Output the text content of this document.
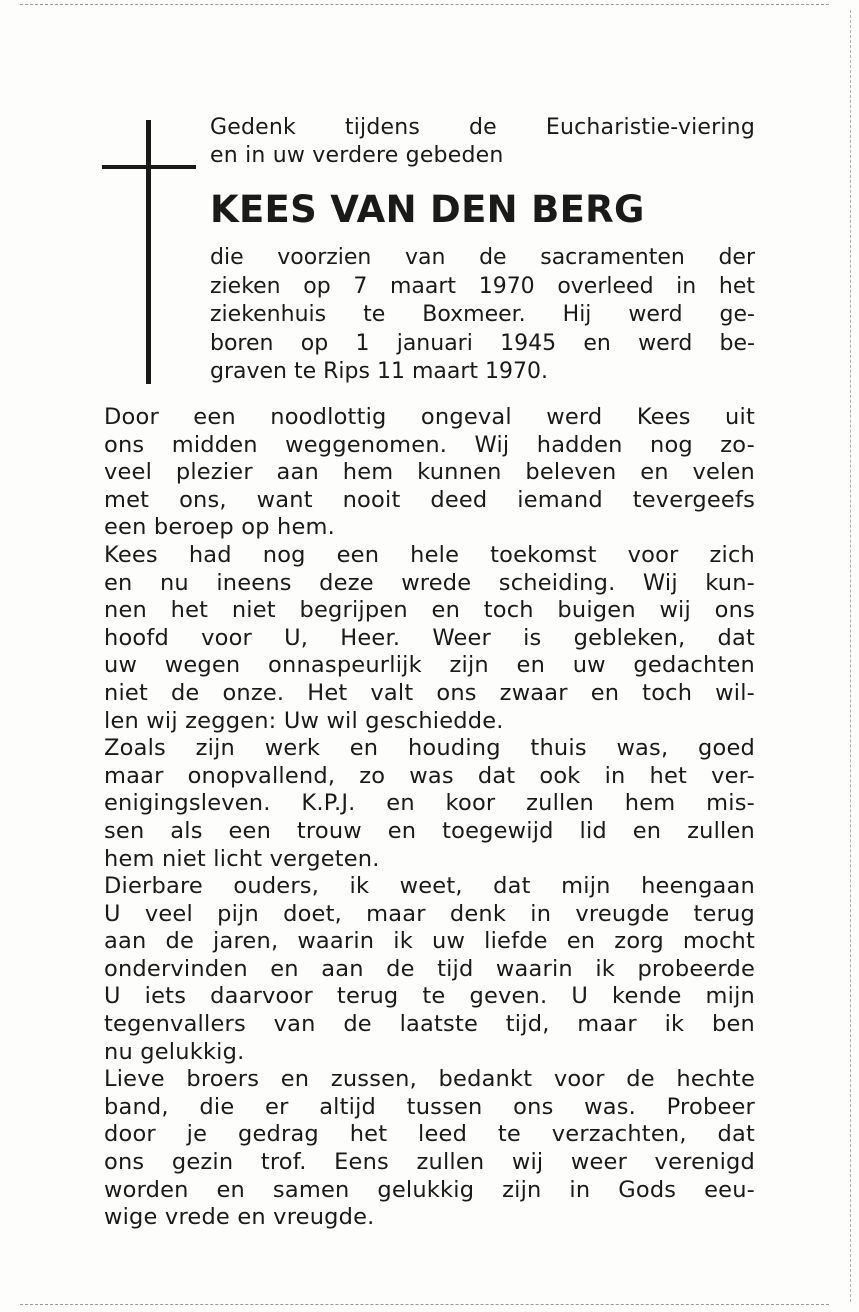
Gedenk tijdens de Eucharistie-viering

en in uw verdere gebeden

KEES VAN DEN BERG

die voorzien van de sacramenten der

zieken op 7 maart 1970 overleed in het

ziekenhuis te Boxmeer. Hij werd ge-

boren op 1 januari 1945 en werd be-

graven te Rips 11 maart 1970.

Door een noodlottig ongeval werd Kees uit

ons midden weggenomen. Wij hadden nog zo-

veel plezier aan hem kunnen beleven en velen

met ons, want nooit deed iemand tevergeefs

een beroep op hem.

Kees had nog een hele toekomst voor zich

en nu ineens deze wrede scheiding. Wij kun-

nen het niet begrijpen en toch buigen wij ons

hoofd voor U, Heer. Weer is gebleken, dat

uw wegen onnaspeurlijk zijn en uw gedachten

niet de onze. Het valt ons zwaar en toch wil-

len wij zeggen: Uw wil geschiedde.

Zoals zijn werk en houding thuis was, goed

maar onopvallend, zo was dat ook in het ver-

enigingsleven. K.P.J. en koor zullen hem mis-

sen als een trouw en toegewijd lid en zullen

hem niet licht vergeten.

Dierbare ouders, ik weet, dat mijn heengaan

U veel pijn doet, maar denk in vreugde terug

aan de jaren, waarin ik uw liefde en zorg mocht

ondervinden en aan de tijd waarin ik probeerde

U iets daarvoor terug te geven. U kende mijn

tegenvallers van de laatste tijd, maar ik ben

nu gelukkig.

Lieve broers en zussen, bedankt voor de hechte

band, die er altijd tussen ons was. Probeer

door je gedrag het leed te verzachten, dat

ons gezin trof. Eens zullen wij weer verenigd

worden en samen gelukkig zijn in Gods eeu-

wige vrede en vreugde.
